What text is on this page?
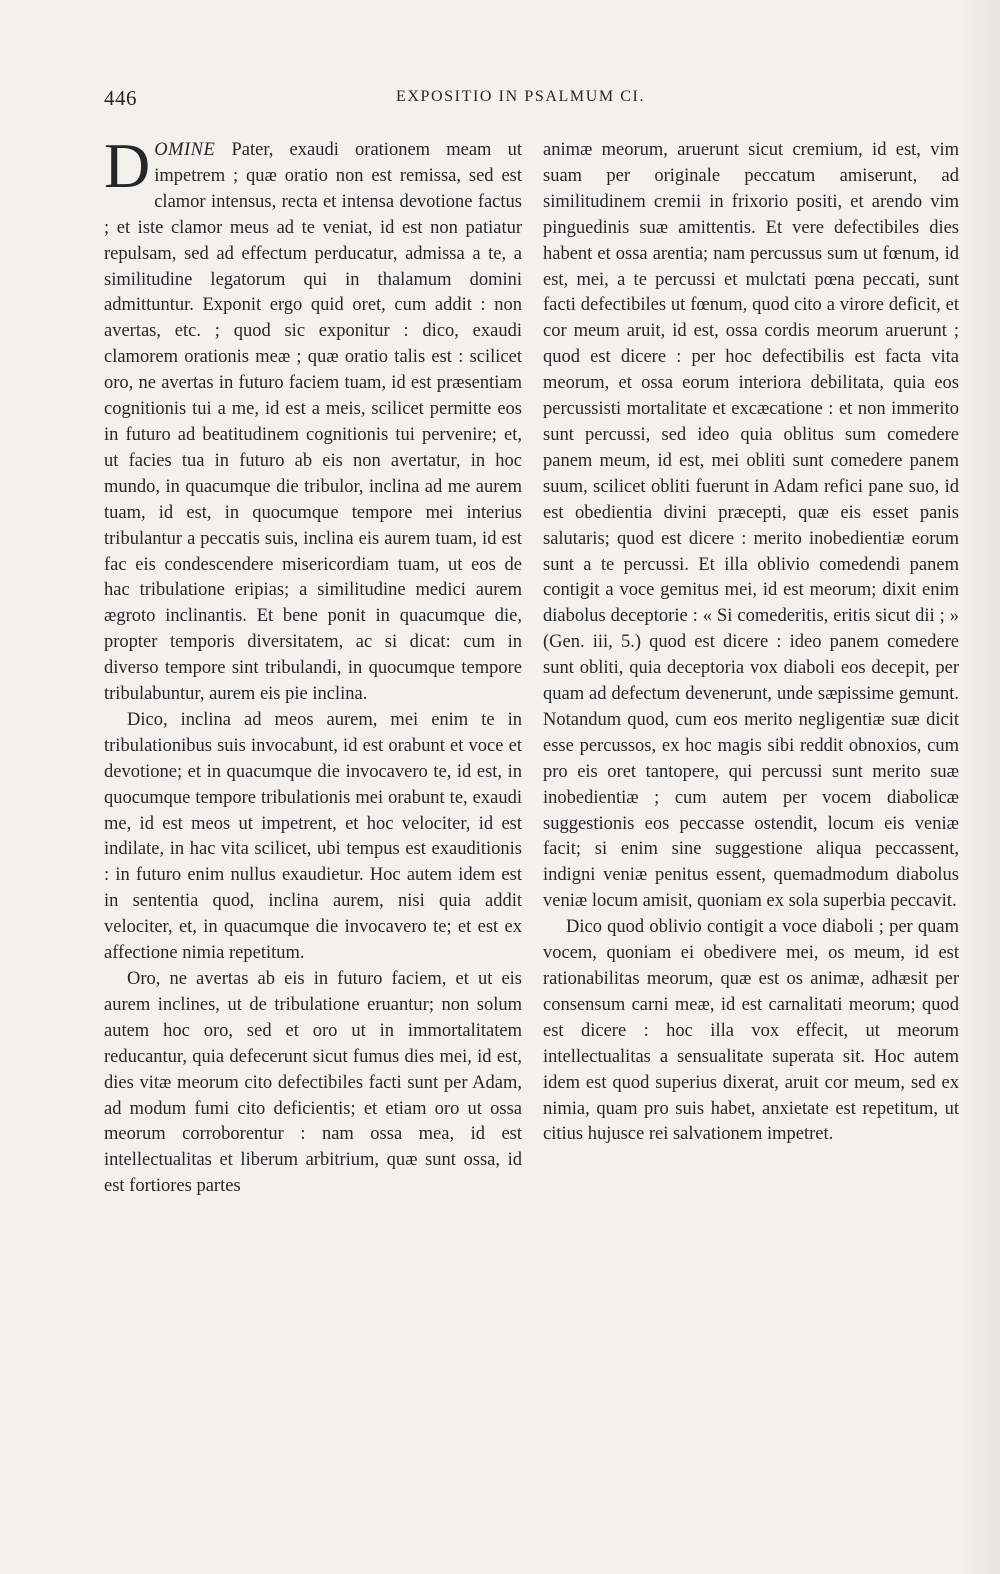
446	EXPOSITIO IN PSALMUM CI.

DOMINE Pater, exaudi orationem meam ut impetrem ; quæ oratio non est remissa, sed est clamor intensus, recta et intensa devotione factus ; et iste clamor meus ad te veniat, id est non patiatur repulsam, sed ad effectum perducatur, admissa a te, a similitudine legatorum qui in thalamum domini admittuntur. Exponit ergo quid oret, cum addit : non avertas, etc. ; quod sic exponitur : dico, exaudi clamorem orationis meæ ; quæ oratio talis est : scilicet oro, ne avertas in futuro faciem tuam, id est præsentiam cognitionis tui a me, id est a meis, scilicet permitte eos in futuro ad beatitudinem cognitionis tui pervenire; et, ut facies tua in futuro ab eis non avertatur, in hoc mundo, in quacumque die tribulor, inclina ad me aurem tuam, id est, in quocumque tempore mei interius tribulantur a peccatis suis, inclina eis aurem tuam, id est fac eis condescendere misericordiam tuam, ut eos de hac tribulatione eripias; a similitudine medici aurem ægroto inclinantis. Et bene ponit in quacumque die, propter temporis diversitatem, ac si dicat: cum in diverso tempore sint tribulandi, in quocumque tempore tribulabuntur, aurem eis pie inclina.

Dico, inclina ad meos aurem, mei enim te in tribulationibus suis invocabunt, id est orabunt et voce et devotione; et in quacumque die invocavero te, id est, in quocumque tempore tribulationis mei orabunt te, exaudi me, id est meos ut impetrent, et hoc velociter, id est indilate, in hac vita scilicet, ubi tempus est exauditionis : in futuro enim nullus exaudietur. Hoc autem idem est in sententia quod, inclina aurem, nisi quia addit velociter, et, in quacumque die invocavero te; et est ex affectione nimia repetitum.

Oro, ne avertas ab eis in futuro faciem, et ut eis aurem inclines, ut de tribulatione eruantur; non solum autem hoc oro, sed et oro ut in immortalitatem reducantur, quia defecerunt sicut fumus dies mei, id est, dies vitæ meorum cito defectibiles facti sunt per Adam, ad modum fumi cito deficientis; et etiam oro ut ossa meorum corroborentur : nam ossa mea, id est intellectualitas et liberum arbitrium, quæ sunt ossa, id est fortiores partes

animæ meorum, aruerunt sicut cremium, id est, vim suam per originale peccatum amiserunt, ad similitudinem cremii in frixorio positi, et arendo vim pinguedinis suæ amittentis. Et vere defectibiles dies habent et ossa arentia; nam percussus sum ut fœnum, id est, mei, a te percussi et mulctati pœna peccati, sunt facti defectibiles ut fœnum, quod cito a virore deficit, et cor meum aruit, id est, ossa cordis meorum aruerunt ; quod est dicere : per hoc defectibilis est facta vita meorum, et ossa eorum interiora debilitata, quia eos percussisti mortalitate et excæcatione : et non immerito sunt percussi, sed ideo quia oblitus sum comedere panem meum, id est, mei obliti sunt comedere panem suum, scilicet obliti fuerunt in Adam refici pane suo, id est obedientia divini præcepti, quæ eis esset panis salutaris; quod est dicere : merito inobedientiæ eorum sunt a te percussi. Et illa oblivio comedendi panem contigit a voce gemitus mei, id est meorum; dixit enim diabolus deceptorie : « Si comederitis, eritis sicut dii ; » (Gen. iii, 5.) quod est dicere : ideo panem comedere sunt obliti, quia deceptoria vox diaboli eos decepit, per quam ad defectum devenerunt, unde sæpissime gemunt. Notandum quod, cum eos merito negligentiæ suæ dicit esse percussos, ex hoc magis sibi reddit obnoxios, cum pro eis oret tantopere, qui percussi sunt merito suæ inobedientiæ ; cum autem per vocem diabolicæ suggestionis eos peccasse ostendit, locum eis veniæ facit; si enim sine suggestione aliqua peccassent, indigni veniæ penitus essent, quemadmodum diabolus veniæ locum amisit, quoniam ex sola superbia peccavit.

Dico quod oblivio contigit a voce diaboli ; per quam vocem, quoniam ei obedivere mei, os meum, id est rationabilitas meorum, quæ est os animæ, adhæsit per consensum carni meæ, id est carnalitati meorum; quod est dicere : hoc illa vox effecit, ut meorum intellectualitas a sensualitate superata sit. Hoc autem idem est quod superius dixerat, aruit cor meum, sed ex nimia, quam pro suis habet, anxietate est repetitum, ut citius hujusce rei salvationem impetret.
